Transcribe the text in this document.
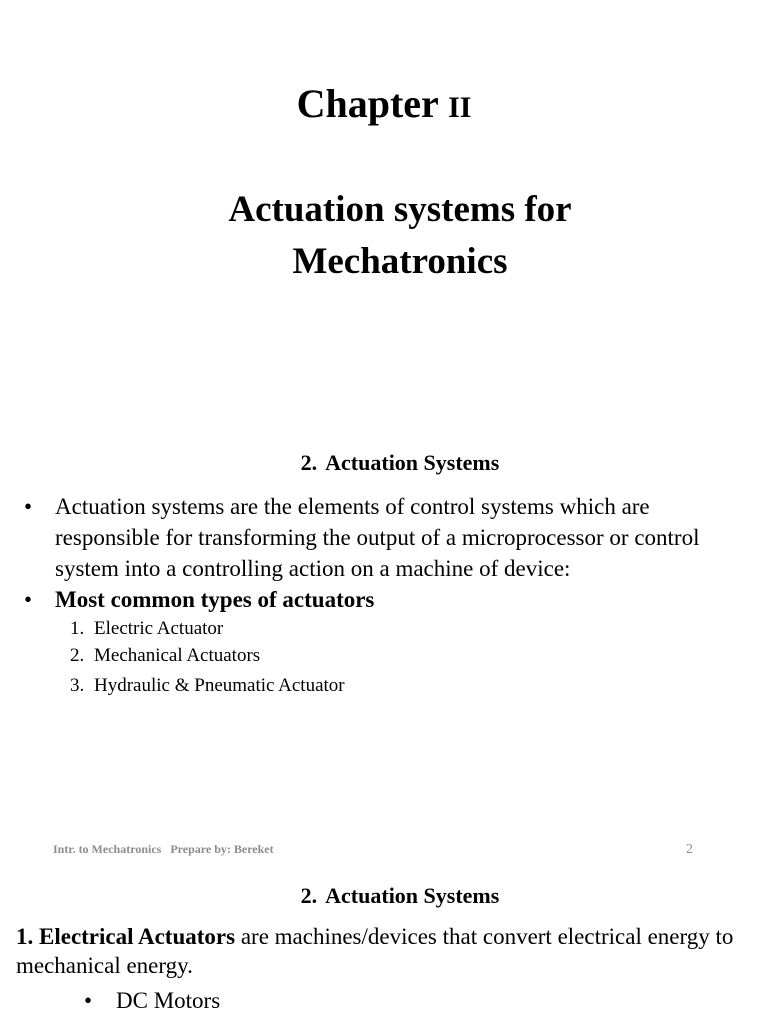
Chapter II
Actuation systems for
Mechatronics
2. Actuation Systems
• Actuation systems are the elements of control systems which are responsible for transforming the output of a microprocessor or control system into a controlling action on a machine of device:
• Most common types of actuators
1. Electric Actuator
2. Mechanical Actuators
3. Hydraulic & Pneumatic Actuator
Intr. to Mechatronics   Prepare by: Bereket	2
2. Actuation Systems
1. Electrical Actuators are machines/devices that convert electrical energy to mechanical energy.
•	DC Motors
